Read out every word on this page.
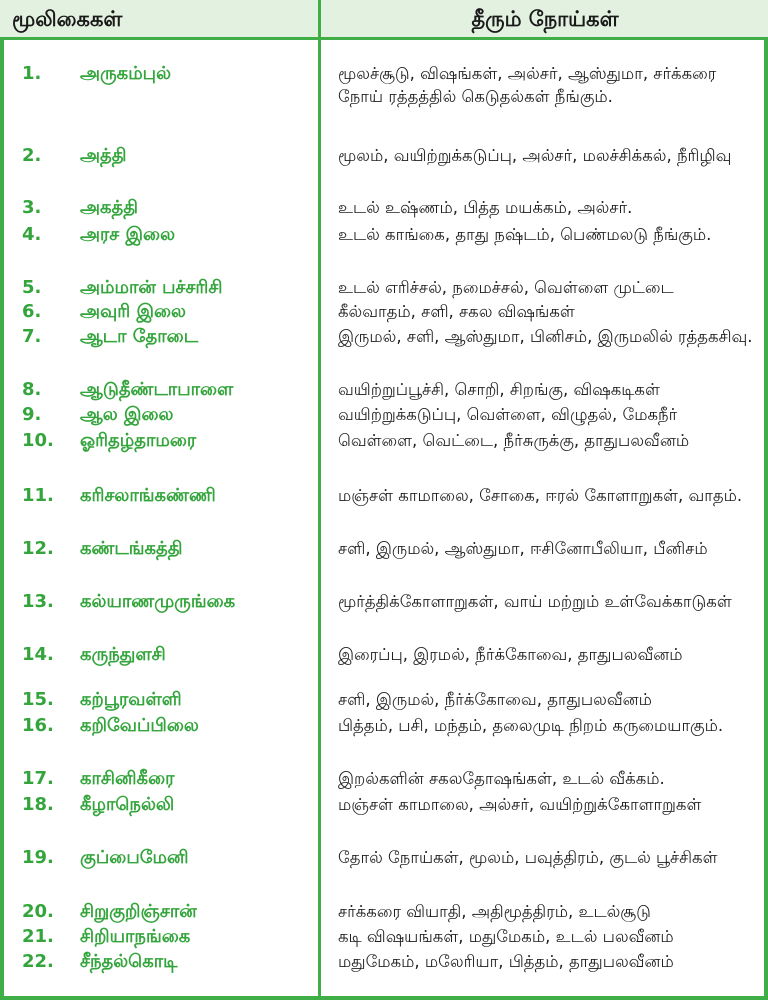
மூலிகைகள்	தீரும் நோய்கள்
1.	அருகம்புல்	மூலச்சூடு, விஷங்கள், அல்சர், ஆஸ்துமா, சர்க்கரை நோய் ரத்தத்தில் கெடுதல்கள் நீங்கும்.
2.	அத்தி	மூலம், வயிற்றுக்கடுப்பு, அல்சர், மலச்சிக்கல், நீரிழிவு
3.	அகத்தி	உடல் உஷ்ணம், பித்த மயக்கம், அல்சர்.
4.	அரச இலை	உடல் காங்கை, தாது நஷ்டம், பெண்மலடு நீங்கும்.
5.	அம்மான் பச்சரிசி	உடல் எரிச்சல், நமைச்சல், வெள்ளை முட்டை
6.	அவுரி இலை	கீல்வாதம், சளி, சகல விஷங்கள்
7.	ஆடா தோடை	இருமல், சளி, ஆஸ்துமா, பினிசம், இருமலில் ரத்தகசிவு.
8.	ஆடுதீண்டாபாளை	வயிற்றுப்பூச்சி, சொறி, சிறங்கு, விஷகடிகள்
9.	ஆல இலை	வயிற்றுக்கடுப்பு, வெள்ளை, விழுதல், மேகநீர்
10.	ஓரிதழ்தாமரை	வெள்ளை, வெட்டை, நீர்சுருக்கு, தாதுபலவீனம்
11.	கரிசலாங்கண்ணி	மஞ்சள் காமாலை, சோகை, ஈரல் கோளாறுகள், வாதம்.
12.	கண்டங்கத்தி	சளி, இருமல், ஆஸ்துமா, ஈசினோபீலியா, பீனிசம்
13.	கல்யாணமுருங்கை	மூர்த்திக்கோளாறுகள், வாய் மற்றும் உள்வேக்காடுகள்
14.	கருந்துளசி	இரைப்பு, இரமல், நீர்க்கோவை, தாதுபலவீனம்
15.	கற்பூரவள்ளி	சளி, இருமல், நீர்க்கோவை, தாதுபலவீனம்
16.	கறிவேப்பிலை	பித்தம், பசி, மந்தம், தலைமுடி நிறம் கருமையாகும்.
17.	காசினிகீரை	இறல்களின் சகலதோஷங்கள், உடல் வீக்கம்.
18.	கீழாநெல்லி	மஞ்சள் காமாலை, அல்சர், வயிற்றுக்கோளாறுகள்
19.	குப்பைமேனி	தோல் நோய்கள், மூலம், பவுத்திரம், குடல் பூச்சிகள்
20.	சிறுகுறிஞ்சான்	சர்க்கரை வியாதி, அதிமூத்திரம், உடல்சூடு
21.	சிறியாநங்கை	கடி விஷயங்கள், மதுமேகம், உடல் பலவீனம்
22.	சீந்தல்கொடி	மதுமேகம், மலேரியா, பித்தம், தாதுபலவீனம்
